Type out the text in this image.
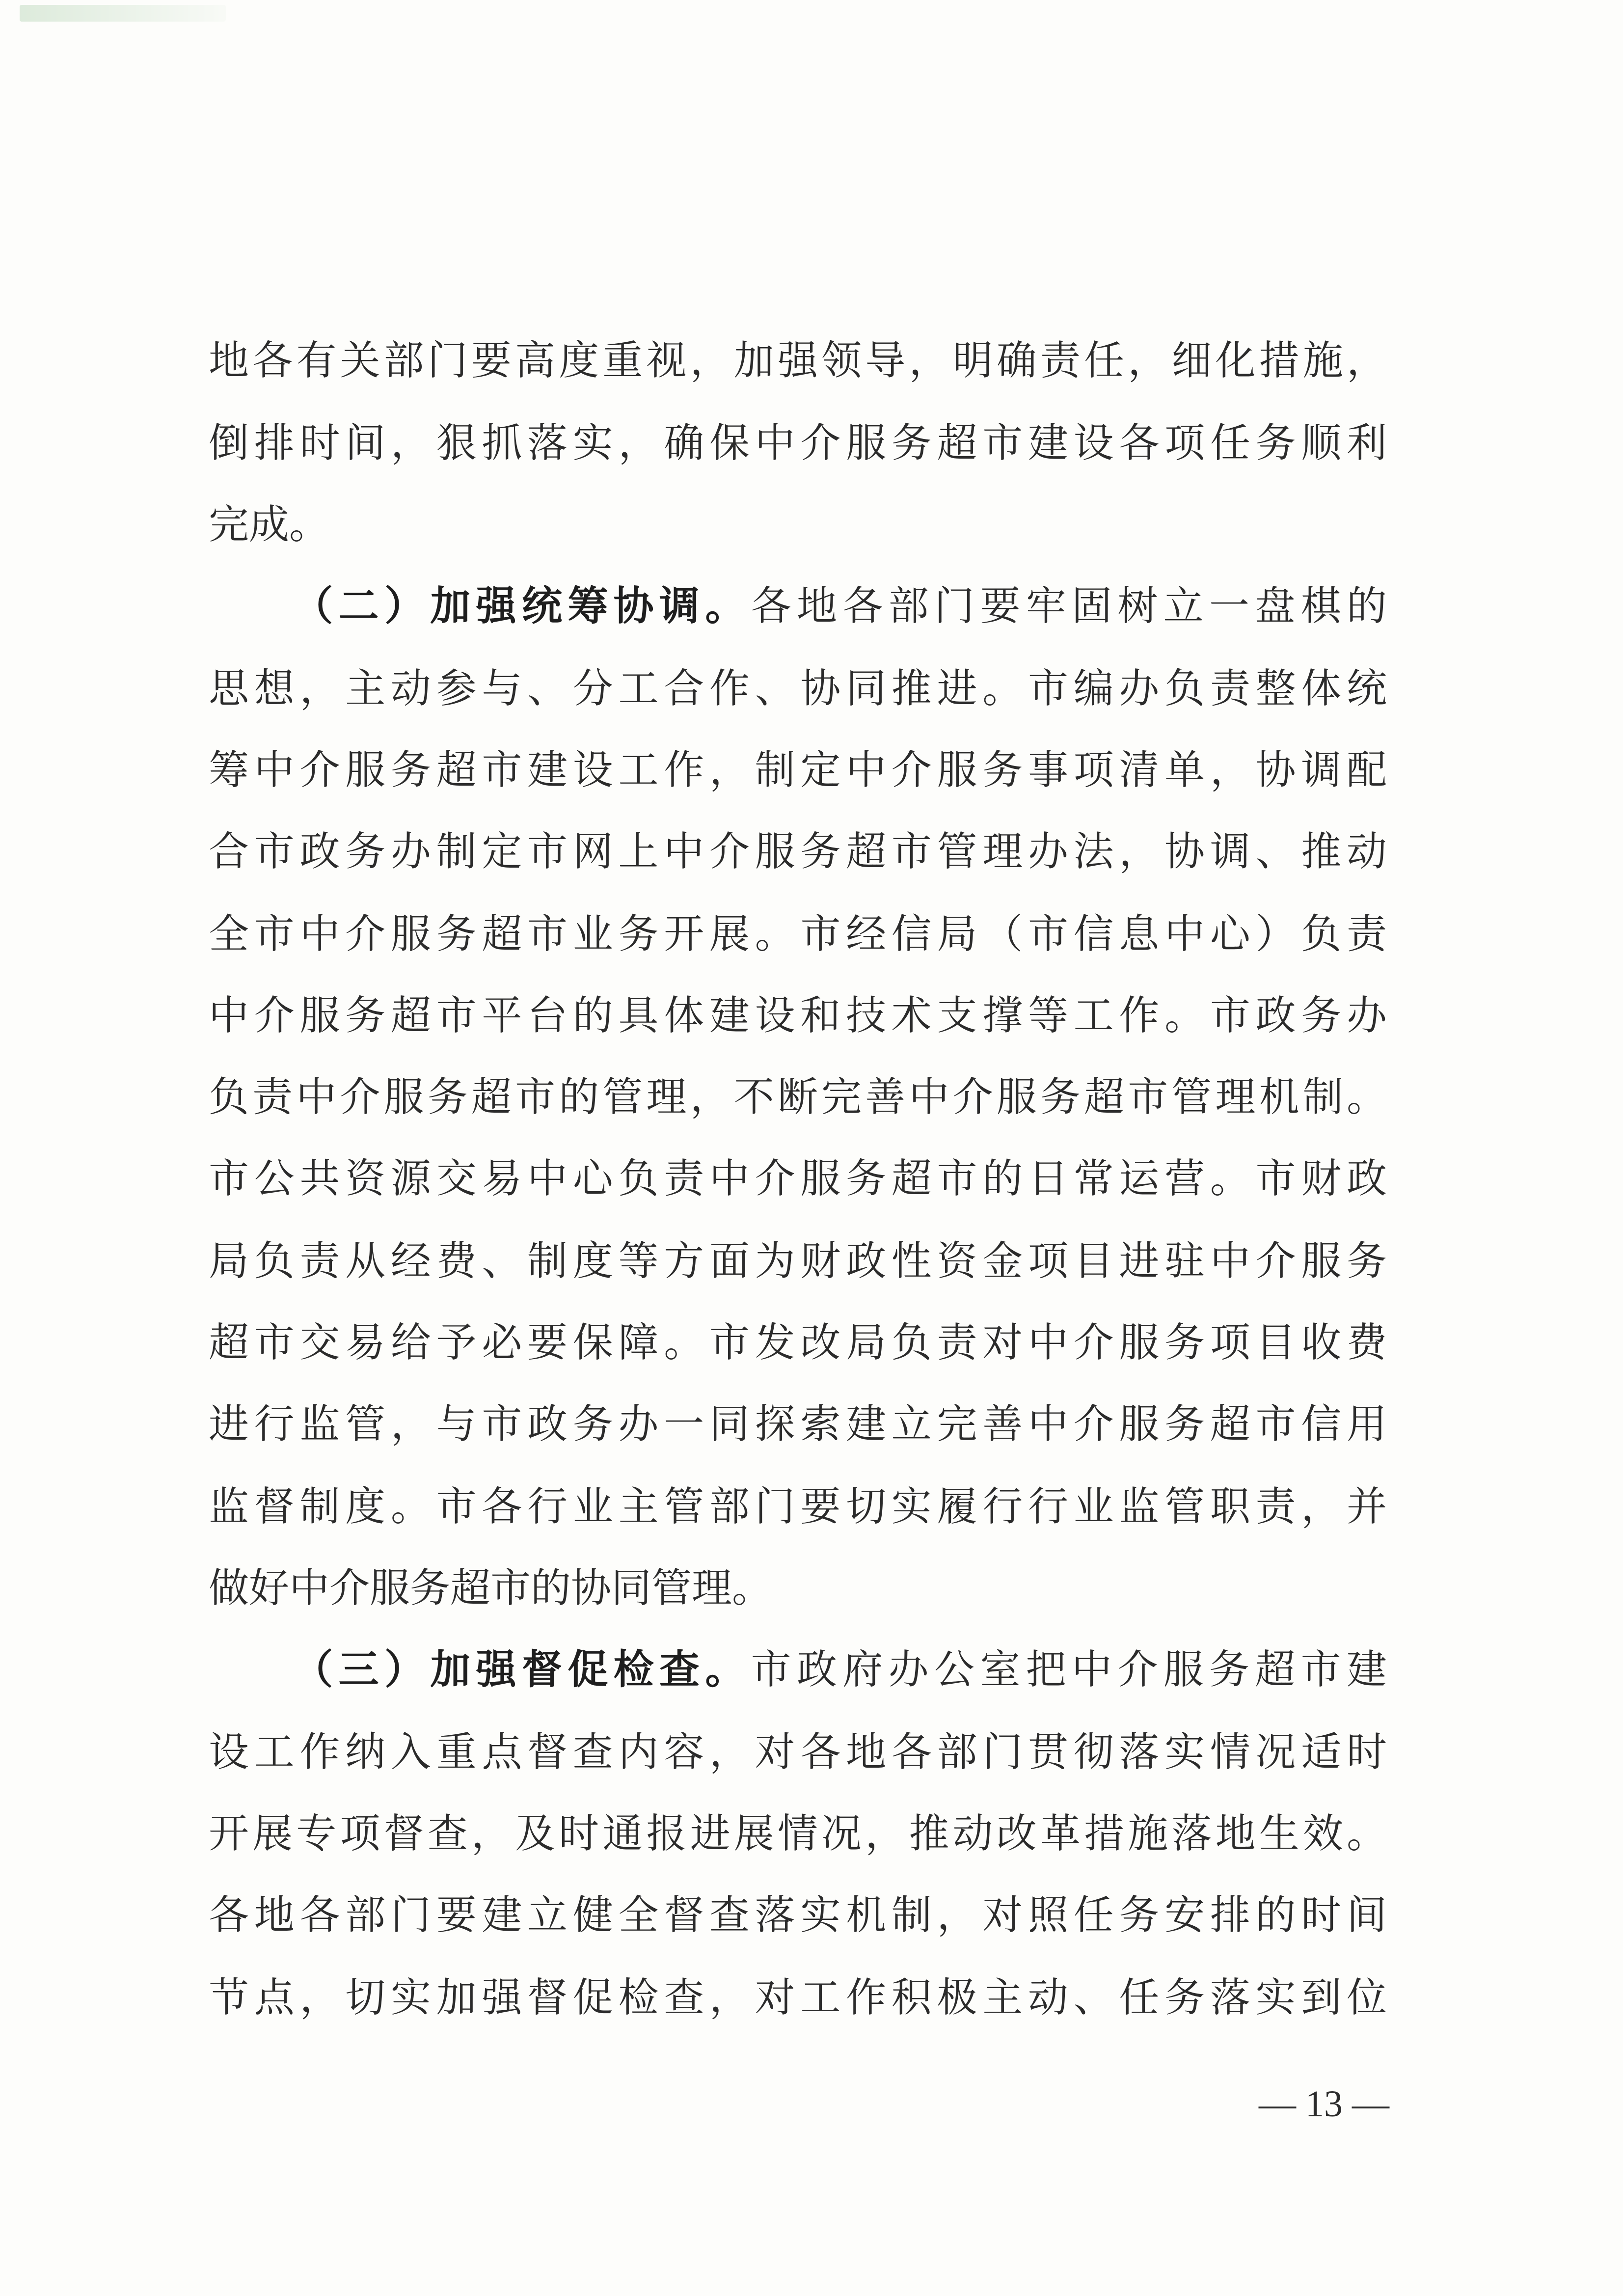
地各有关部门要高度重视，加强领导，明确责任，细化措施，
倒排时间，狠抓落实，确保中介服务超市建设各项任务顺利
完成。
（二）加强统筹协调。各地各部门要牢固树立一盘棋的
思想，主动参与、分工合作、协同推进。市编办负责整体统
筹中介服务超市建设工作，制定中介服务事项清单，协调配
合市政务办制定市网上中介服务超市管理办法，协调、推动
全市中介服务超市业务开展。市经信局（市信息中心）负责
中介服务超市平台的具体建设和技术支撑等工作。市政务办
负责中介服务超市的管理，不断完善中介服务超市管理机制。
市公共资源交易中心负责中介服务超市的日常运营。市财政
局负责从经费、制度等方面为财政性资金项目进驻中介服务
超市交易给予必要保障。市发改局负责对中介服务项目收费
进行监管，与市政务办一同探索建立完善中介服务超市信用
监督制度。市各行业主管部门要切实履行行业监管职责，并
做好中介服务超市的协同管理。
（三）加强督促检查。市政府办公室把中介服务超市建
设工作纳入重点督查内容，对各地各部门贯彻落实情况适时
开展专项督查，及时通报进展情况，推动改革措施落地生效。
各地各部门要建立健全督查落实机制，对照任务安排的时间
节点，切实加强督促检查，对工作积极主动、任务落实到位
— 13 —
